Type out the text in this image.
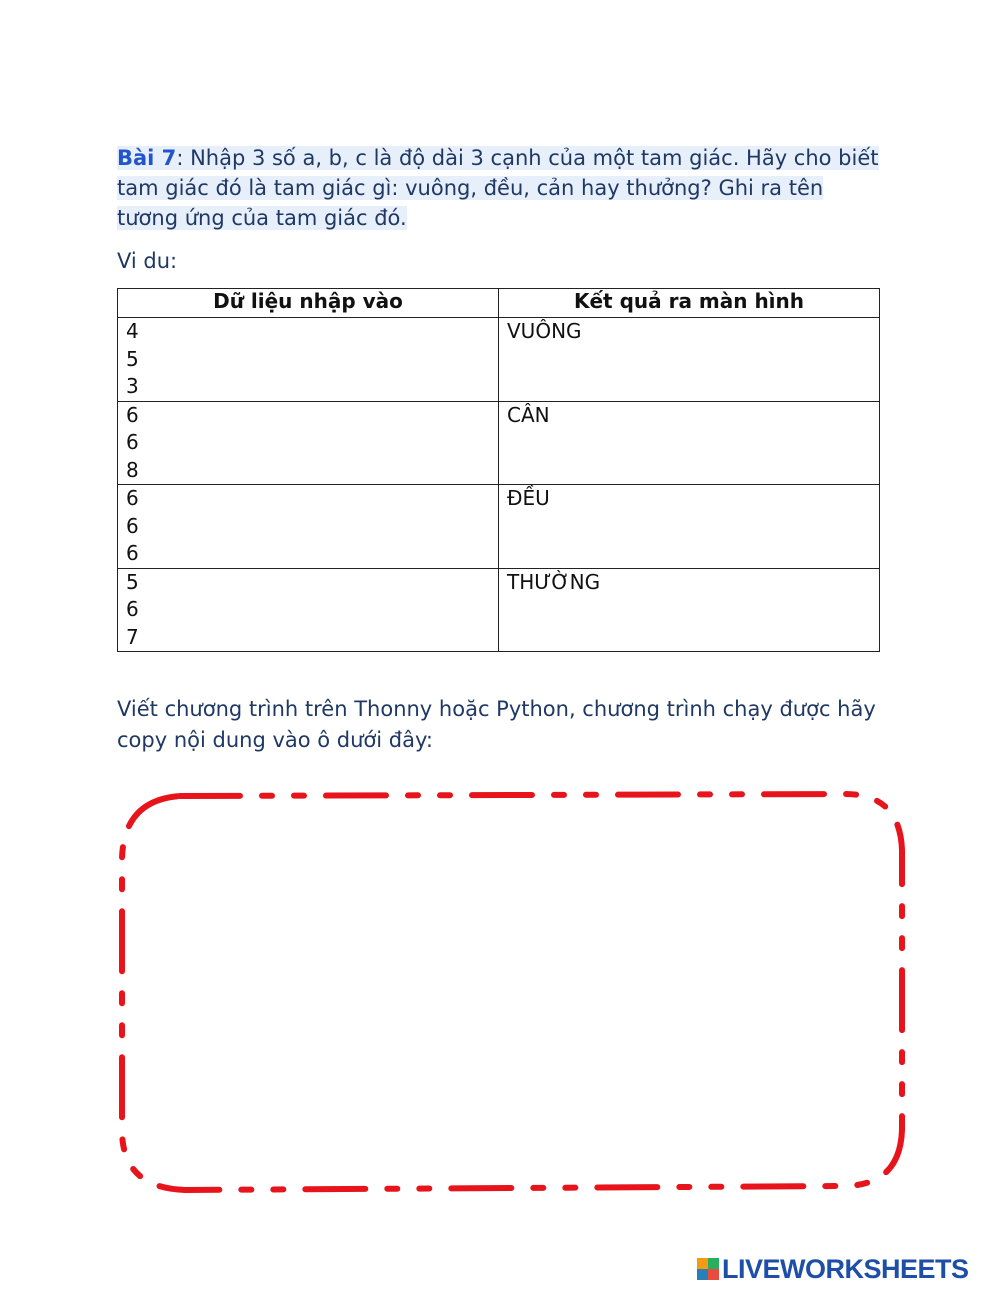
Bài 7: Nhập 3 số a, b, c là độ dài 3 cạnh của một tam giác. Hãy cho biết
tam giác đó là tam giác gì: vuông, đều, cản hay thưởng? Ghi ra tên
tương ứng của tam giác đó.
Vi du:
Dữ liệu nhập vào	Kết quả ra màn hình

4
5
3	VUÔNG

6
6
8	CÂN

6
6
6	ĐỀU

5
6
7	THƯỜNG
Viết chương trình trên Thonny hoặc Python, chương trình chạy được hãy
copy nội dung vào ô dưới đây:
LIVEWORKSHEETS
